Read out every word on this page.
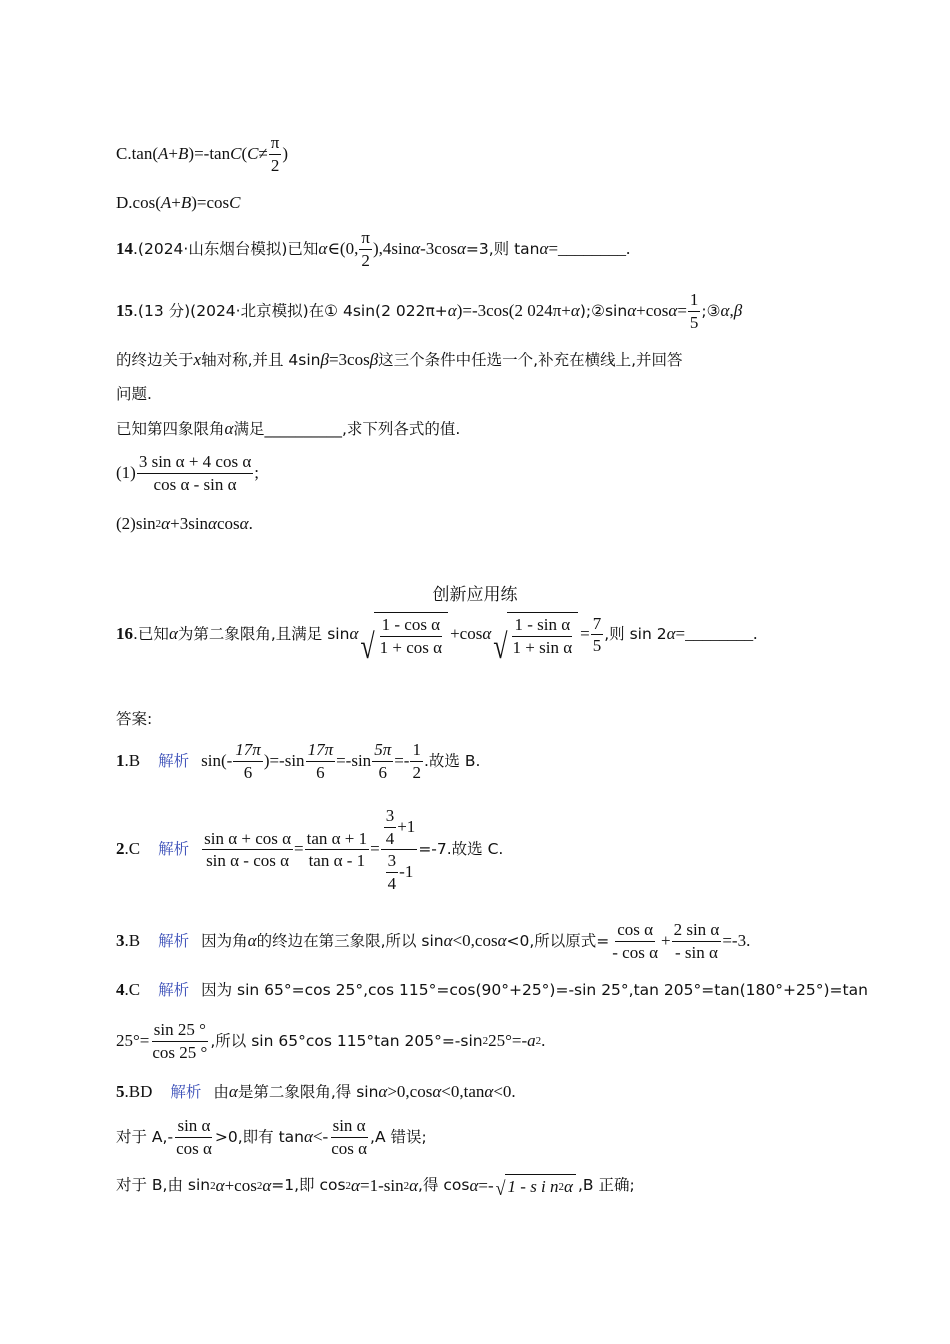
C.tan( A + B )=-tan C ( $C \ne \frac{\pi}{2}$ )
D.cos( A + B )=cos C
14 .(2024·山东烟台模拟)已知 α ∈(0, $\frac{\pi}{2} ),4\sin$ α -3cos α =3,则 tan α =________.
15 .(13 分)(2024·北京模拟)在① 4sin(2 022π+ α )=-3cos(2 024π+ α );②sin α +cos $\alpha = \frac{1}{5}$ ;③ α , β
的终边关于 x 轴对称,并且 4sin β =3cos β 这三个条件中任选一个,补充在横线上,并回答
问题.
已知第四象限角 α 满足__________,求下列各式的值.
$(1) \frac{\text{3 sin α + 4 cos α}}{\text{cos α - sin α}}$ ;
(2)sin 2 α +3sin α cos α .
创新应用练
16 .已知 α 为第二象限角,且满足 sin α √ $\frac{\text{1 - cos α}}{\text{1 + cos α}} +\cos$ α √ $\frac{\text{1 - sin α}}{\text{1 + sin α}} = \frac{7}{5}$ ,则 sin 2 α =________.
答案:
1 .B 解析 $\sin(- \frac{17\pi}{6} )=-\sin \frac{17\pi}{6} =-\sin \frac{5\pi}{6} =- \frac{1}{2}$ .故选 B.
2 .C 解析 $\frac{\text{sin α + cos α}}{\text{sin α - cos α}} = \frac{\text{tan α + 1}}{\text{tan α - 1}} = \frac{\frac{3}{4} +1}{\frac{3}{4} -1} =-7$.故选 C.
3 .B 解析 因为角 α 的终边在第三象限,所以 sin α <0,cos α <0,所以原式= $\frac{\text{cos α}}{\text{- cos α}} + \frac{\text{2 sin α}}{\text{- sin α}} =-3$.
4 .C 解析 因为 sin 65°=cos 25°,cos 115°=cos(90°+25°)=-sin 25°,tan 205°=tan(180°+25°)=tan
$25^\circ= \frac{\sin 25 ^\circ}{\cos 25 ^\circ}$ ,所以 sin 65°cos 115°tan 205°=-sin 2 25°=- a 2 .
5 .BD 解析 由 α 是第二象限角,得 sin α >0,cos α <0,tan α <0.
对于 $A,- \frac{\text{sin α}}{\text{cos α}} >0$,即有 $\tan \alpha <- \frac{\text{sin α}}{\text{cos α}} ,A$ 错误;
对于 B,由 sin 2 α +cos 2 α =1,即 cos 2 α =1-sin 2 α ,得 cos α =- √ 1 - s i n 2 α ,B 正确;
